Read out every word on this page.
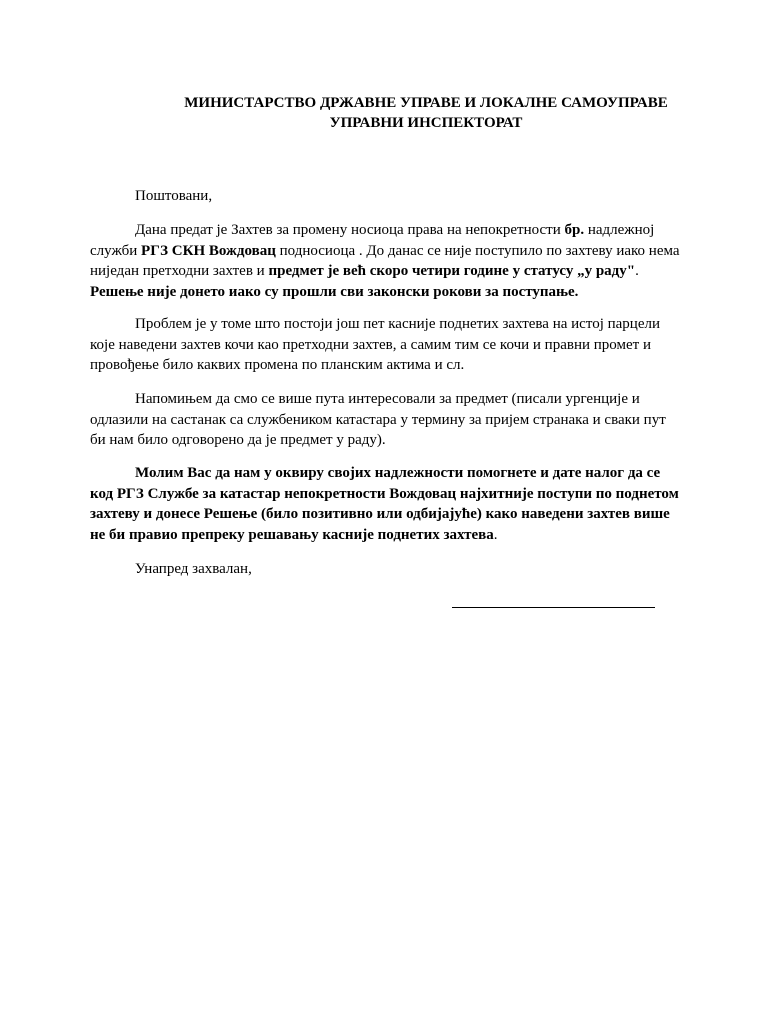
МИНИСТАРСТВО ДРЖАВНЕ УПРАВЕ И ЛОКАЛНЕ САМОУПРАВЕ
УПРАВНИ ИНСПЕКТОРАТ

Поштовани,

Дана предат је Захтев за промену носиоца права на непокретности бр. надлежној служби РГЗ СКН Вождовац подносиоца . До данас се није поступило по захтеву иако нема ниједан претходни захтев и предмет је већ скоро четири године у статусу „у раду". Решење није донето иако су прошли сви законски рокови за поступање.

Проблем је у томе што постоји још пет касније поднетих захтева на истој парцели које наведени захтев кочи као претходни захтев, а самим тим се кочи и правни промет и провођење било каквих промена по планским актима и сл.

Напомињем да смо се више пута интересовали за предмет (писали ургенције и одлазили на састанак са службеником катастара у термину за пријем странака и сваки пут би нам било одговорено да је предмет у раду).

Молим Вас да нам у оквиру својих надлежности помогнете и дате налог да се код РГЗ Службе за катастар непокретности Вождовац најхитније поступи по поднетом захтеву и донесе Решење (било позитивно или одбијајуће) како наведени захтев више не би правио препреку решавању касније поднетих захтева.

Унапред захвалан,
